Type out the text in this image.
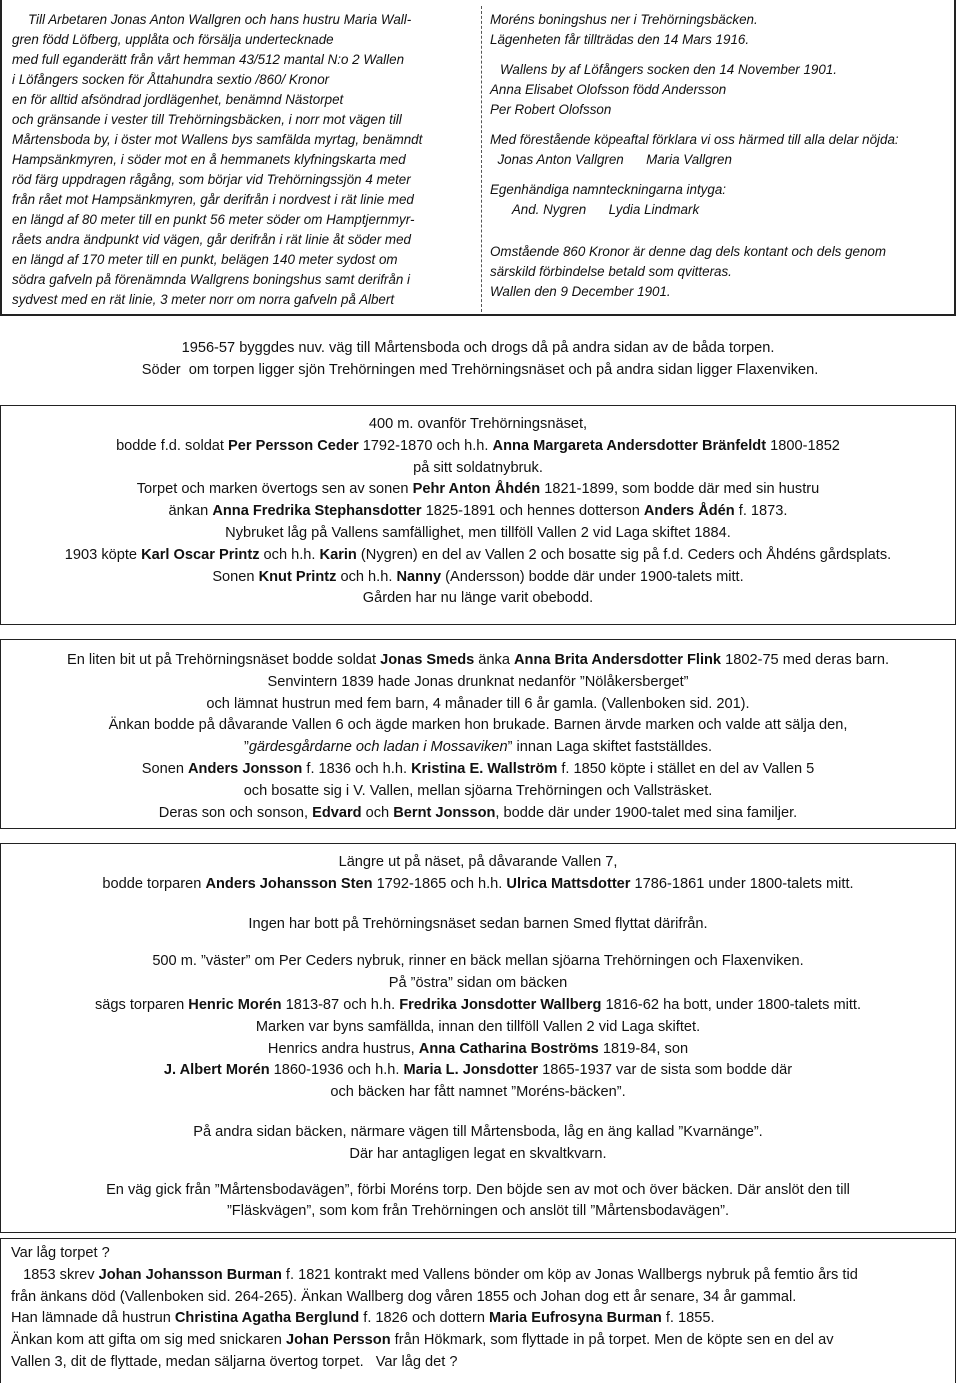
Till Arbetaren Jonas Anton Wallgren och hans hustru Maria Wall-
gren född Löfberg, upplåta och försälja undertecknade
med full eganderätt från vårt hemman 43/512 mantal N:o 2 Wallen
i Löfångers socken för Åttahundra sextio /860/ Kronor
en för alltid afsöndrad jordlägenhet, benämnd Nästorpet
och gränsande i vester till Trehörningsbäcken, i norr mot vägen till
Mårtensboda by, i öster mot Wallens bys samfälda myrtag, benämndt
Hampsänkmyren, i söder mot en å hemmanets klyfningskarta med
röd färg uppdragen rågång, som börjar vid Trehörningssjön 4 meter
från rået mot Hampsänkmyren, går derifrån i nordvest i rät linie med
en längd af 80 meter till en punkt 56 meter söder om Hamptjernmyr-
råets andra ändpunkt vid vägen, går derifrån i rät linie åt söder med
en längd af 170 meter till en punkt, belägen 140 meter sydost om
södra gafveln på förenämnda Wallgrens boningshus samt derifrån i
sydvest med en rät linie, 3 meter norr om norra gafveln på Albert
Moréns boningshus ner i Trehörningsbäcken.
Lägenheten får tillträdas den 14 Mars 1916.
Wallens by af Löfångers socken den 14 November 1901.
Anna Elisabet Olofsson född Andersson
Per Robert Olofsson
Med förestående köpeaftal förklara vi oss härmed till alla delar nöjda:
Jonas Anton Vallgren      Maria Vallgren
Egenhändiga namnteckningarna intyga:
And. Nygren      Lydia Lindmark
Omstående 860 Kronor är denne dag dels kontant och dels genom
särskild förbindelse betald som qvitteras.
Wallen den 9 December 1901.
1956-57 byggdes nuv. väg till Mårtensboda och drogs då på andra sidan av de båda torpen.
Söder  om torpen ligger sjön Trehörningen med Trehörningsnäset och på andra sidan ligger Flaxenviken.
400 m. ovanför Trehörningsnäset,
bodde f.d. soldat Per Persson Ceder 1792-1870 och h.h. Anna Margareta Andersdotter Bränfeldt 1800-1852
på sitt soldatnybruk.
Torpet och marken övertogs sen av sonen Pehr Anton Åhdén 1821-1899, som bodde där med sin hustru
änkan Anna Fredrika Stephansdotter 1825-1891 och hennes dotterson Anders Ådén f. 1873.
Nybruket låg på Vallens samfällighet, men tillföll Vallen 2 vid Laga skiftet 1884.
1903 köpte Karl Oscar Printz och h.h. Karin (Nygren) en del av Vallen 2 och bosatte sig på f.d. Ceders och Åhdéns gårdsplats.
Sonen Knut Printz och h.h. Nanny (Andersson) bodde där under 1900-talets mitt.
Gården har nu länge varit obebodd.
En liten bit ut på Trehörningsnäset bodde soldat Jonas Smeds änka Anna Brita Andersdotter Flink 1802-75 med deras barn.
Senvintern 1839 hade Jonas drunknat nedanför ”Nölåkersberget”
och lämnat hustrun med fem barn, 4 månader till 6 år gamla. (Vallenboken sid. 201).
Änkan bodde på dåvarande Vallen 6 och ägde marken hon brukade. Barnen ärvde marken och valde att sälja den,
”gärdesgårdarne och ladan i Mossaviken” innan Laga skiftet fastställdes.
Sonen Anders Jonsson f. 1836 och h.h. Kristina E. Wallström f. 1850 köpte i stället en del av Vallen 5
och bosatte sig i V. Vallen, mellan sjöarna Trehörningen och Vallsträsket.
Deras son och sonson, Edvard och Bernt Jonsson, bodde där under 1900-talet med sina familjer.
Längre ut på näset, på dåvarande Vallen 7,
bodde torparen Anders Johansson Sten 1792-1865 och h.h. Ulrica Mattsdotter 1786-1861 under 1800-talets mitt.
Ingen har bott på Trehörningsnäset sedan barnen Smed flyttat därifrån.
500 m. ”väster” om Per Ceders nybruk, rinner en bäck mellan sjöarna Trehörningen och Flaxenviken.
På ”östra” sidan om bäcken
sägs torparen Henric Morén 1813-87 och h.h. Fredrika Jonsdotter Wallberg 1816-62 ha bott, under 1800-talets mitt.
Marken var byns samfällda, innan den tillföll Vallen 2 vid Laga skiftet.
Henrics andra hustrus, Anna Catharina Boströms 1819-84, son
J. Albert Morén 1860-1936 och h.h. Maria L. Jonsdotter 1865-1937 var de sista som bodde där
och bäcken har fått namnet ”Moréns-bäcken”.
På andra sidan bäcken, närmare vägen till Mårtensboda, låg en äng kallad ”Kvarnänge”.
Där har antagligen legat en skvaltkvarn.
En väg gick från ”Mårtensbodavägen”, förbi Moréns torp. Den böjde sen av mot och över bäcken. Där anslöt den till
”Fläskvägen”, som kom från Trehörningen och anslöt till ”Mårtensbodavägen”.
Var låg torpet ?
1853 skrev Johan Johansson Burman f. 1821 kontrakt med Vallens bönder om köp av Jonas Wallbergs nybruk på femtio års tid
från änkans död (Vallenboken sid. 264-265). Änkan Wallberg dog våren 1855 och Johan dog ett år senare, 34 år gammal.
Han lämnade då hustrun Christina Agatha Berglund f. 1826 och dottern Maria Eufrosyna Burman f. 1855.
Änkan kom att gifta om sig med snickaren Johan Persson från Hökmark, som flyttade in på torpet. Men de köpte sen en del av
Vallen 3, dit de flyttade, medan säljarna övertog torpet.   Var låg det ?
